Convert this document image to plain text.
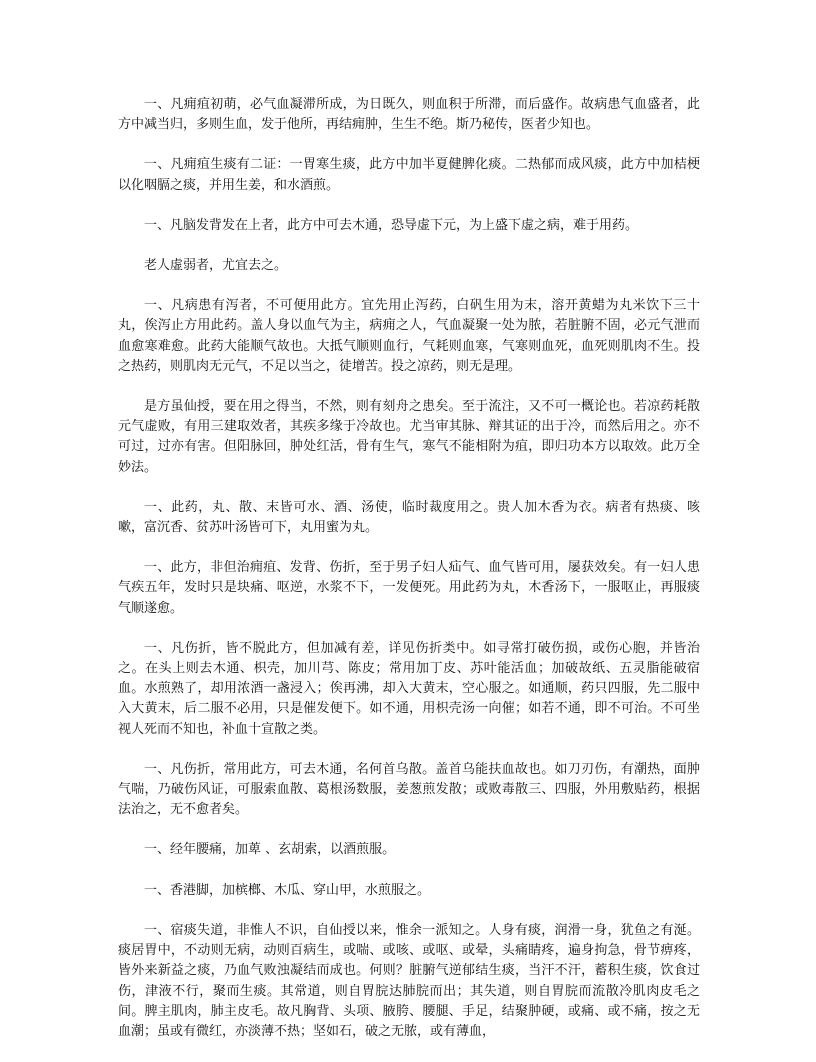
一、凡痈疽初萌，必气血凝滞所成，为日既久，则血积于所滞，而后盛作。故病患气血盛者，此方中减当归，多则生血，发于他所，再结痈肿，生生不绝。斯乃秘传，医者少知也。

一、凡痈疽生痰有二证：一胃寒生痰，此方中加半夏健脾化痰。二热郁而成风痰，此方中加桔梗以化咽膈之痰，并用生姜，和水酒煎。

一、凡脑发背发在上者，此方中可去木通，恐导虚下元，为上盛下虚之病，难于用药。

老人虚弱者，尤宜去之。

一、凡病患有泻者，不可便用此方。宜先用止泻药，白矾生用为末，溶开黄蜡为丸米饮下三十丸，俟泻止方用此药。盖人身以血气为主，病痈之人，气血凝聚一处为脓，若脏腑不固，必元气泄而血愈寒难愈。此药大能顺气故也。大抵气顺则血行，气耗则血寒，气寒则血死，血死则肌肉不生。投之热药，则肌肉无元气，不足以当之，徒增苦。投之凉药，则无是理。

是方虽仙授，要在用之得当，不然，则有刻舟之患矣。至于流注，又不可一概论也。若凉药耗散元气虚败，有用三建取效者，其疾多缘于冷故也。尤当审其脉、辩其证的出于冷，而然后用之。亦不可过，过亦有害。但阳脉回，肿处红活，骨有生气，寒气不能相附为疽，即归功本方以取效。此万全妙法。

一、此药，丸、散、末皆可水、酒、汤使，临时裁度用之。贵人加木香为衣。病者有热痰、咳嗽，富沉香、贫苏叶汤皆可下，丸用蜜为丸。

一、此方，非但治痈疽、发背、伤折，至于男子妇人疝气、血气皆可用，屡获效矣。有一妇人患气疾五年，发时只是块痛、呕逆，水浆不下，一发便死。用此药为丸，木香汤下，一服呕止，再服痰气顺遂愈。

一、凡伤折，皆不脱此方，但加减有差，详见伤折类中。如寻常打破伤损，或伤心胞，并皆治之。在头上则去木通、枳壳，加川芎、陈皮；常用加丁皮、苏叶能活血；加破故纸、五灵脂能破宿血。水煎熟了，却用浓酒一盏浸入；俟再沸，却入大黄末，空心服之。如通顺，药只四服，先二服中入大黄末，后二服不必用，只是催发便下。如不通，用枳壳汤一向催；如若不通，即不可治。不可坐视人死而不知也，补血十宣散之类。

一、凡伤折，常用此方，可去木通，名何首乌散。盖首乌能扶血故也。如刀刃伤，有潮热，面肿气喘，乃破伤风证，可服索血散、葛根汤数服，姜葱煎发散；或败毒散三、四服，外用敷贴药，根据法治之，无不愈者矣。

一、经年腰痛，加萆 、玄胡索，以酒煎服。

一、香港脚，加槟榔、木瓜、穿山甲，水煎服之。

一、宿痰失道，非惟人不识，自仙授以来，惟余一派知之。人身有痰，润滑一身，犹鱼之有涎。痰居胃中，不动则无病，动则百病生，或喘、或咳、或呕、或晕，头痛睛疼，遍身拘急，骨节痹疼，皆外来新益之痰，乃血气败浊凝结而成也。何则？脏腑气逆郁结生痰，当汗不汗，蓄积生痰，饮食过伤，津液不行，聚而生痰。其常道，则自胃脘达肺脘而出；其失道，则自胃脘而流散冷肌肉皮毛之间。脾主肌肉，肺主皮毛。故凡胸背、头项、腋胯、腰腿、手足，结聚肿硬，或痛、或不痛，按之无血潮；虽或有微红，亦淡薄不热；坚如石，破之无脓，或有薄血，
